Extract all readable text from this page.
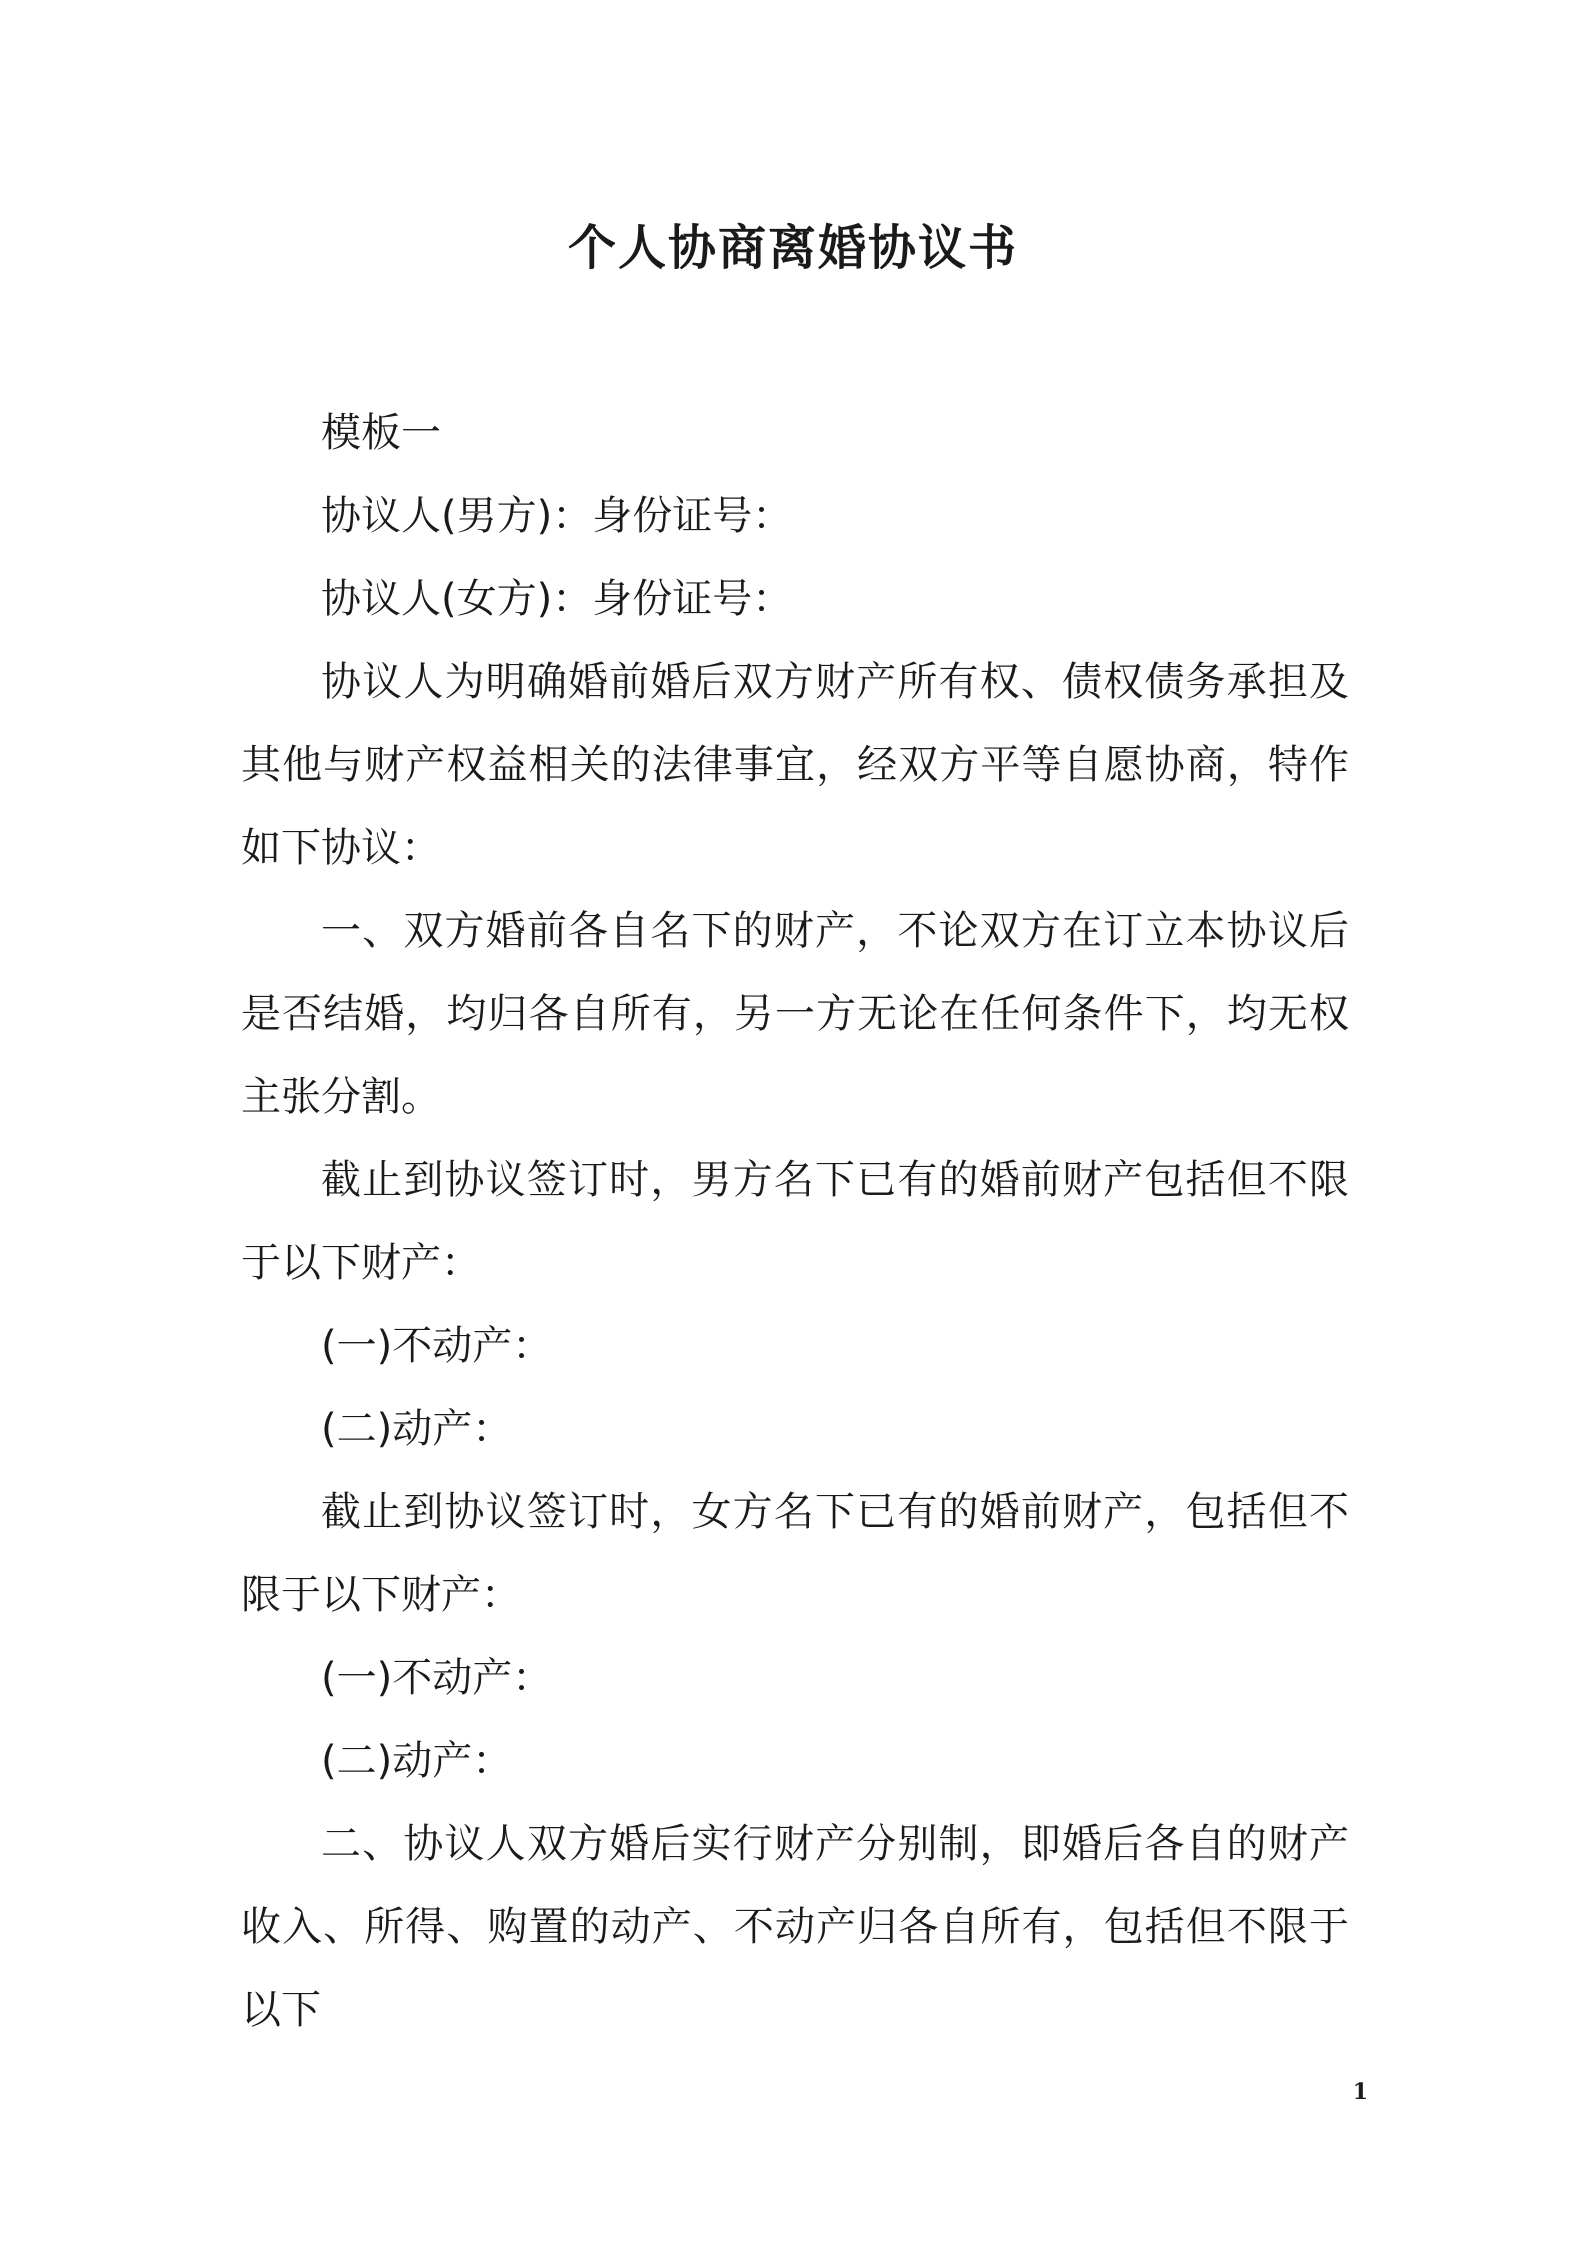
个人协商离婚协议书

模板一

协议人(男方)：身份证号：

协议人(女方)：身份证号：

协议人为明确婚前婚后双方财产所有权、债权债务承担及其他与财产权益相关的法律事宜，经双方平等自愿协商，特作如下协议：

一、双方婚前各自名下的财产，不论双方在订立本协议后是否结婚，均归各自所有，另一方无论在任何条件下，均无权主张分割。

截止到协议签订时，男方名下已有的婚前财产包括但不限于以下财产：

(一)不动产：

(二)动产：

截止到协议签订时，女方名下已有的婚前财产，包括但不限于以下财产：

(一)不动产：

(二)动产：

二、协议人双方婚后实行财产分别制，即婚后各自的财产收入、所得、购置的动产、不动产归各自所有，包括但不限于以下

1
